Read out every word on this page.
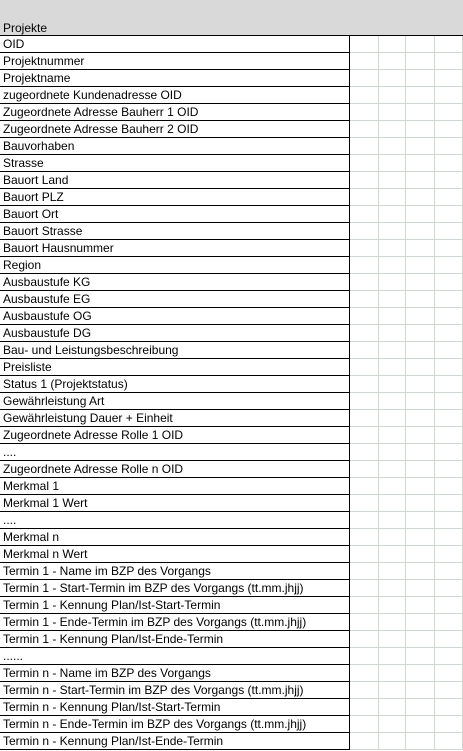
Projekte
OID
Projektnummer
Projektname
zugeordnete Kundenadresse OID
Zugeordnete Adresse Bauherr 1 OID
Zugeordnete Adresse Bauherr 2 OID
Bauvorhaben
Strasse
Bauort Land
Bauort PLZ
Bauort Ort
Bauort Strasse
Bauort Hausnummer
Region
Ausbaustufe KG
Ausbaustufe EG
Ausbaustufe OG
Ausbaustufe DG
Bau- und Leistungsbeschreibung
Preisliste
Status 1 (Projektstatus)
Gewährleistung Art
Gewährleistung Dauer + Einheit
Zugeordnete Adresse Rolle 1 OID
....
Zugeordnete Adresse Rolle n OID
Merkmal 1
Merkmal 1 Wert
....
Merkmal n
Merkmal n Wert
Termin 1 - Name im BZP des Vorgangs
Termin 1 - Start-Termin im BZP des Vorgangs (tt.mm.jhjj)
Termin 1 - Kennung Plan/Ist-Start-Termin
Termin 1 - Ende-Termin im BZP des Vorgangs (tt.mm.jhjj)
Termin 1 - Kennung Plan/Ist-Ende-Termin
......
Termin n - Name im BZP des Vorgangs
Termin n - Start-Termin im BZP des Vorgangs (tt.mm.jhjj)
Termin n - Kennung Plan/Ist-Start-Termin
Termin n - Ende-Termin im BZP des Vorgangs (tt.mm.jhjj)
Termin n - Kennung Plan/Ist-Ende-Termin
